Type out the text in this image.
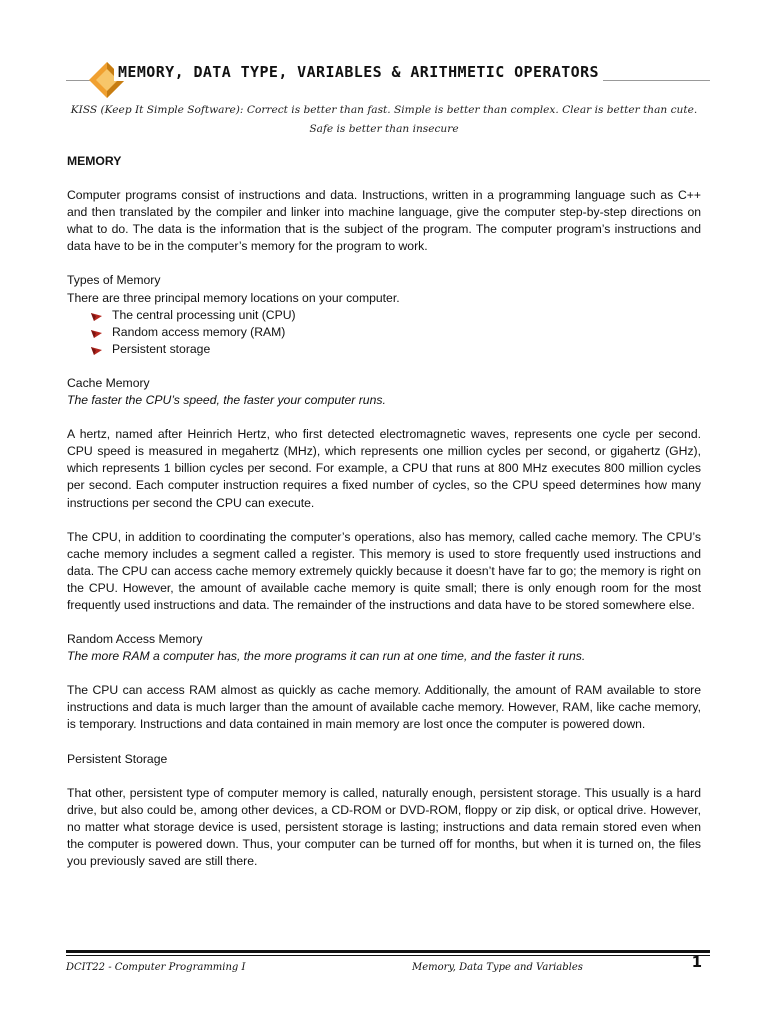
MEMORY, DATA TYPE, VARIABLES & ARITHMETIC OPERATORS
KISS (Keep It Simple Software): Correct is better than fast. Simple is better than complex. Clear is better than cute. Safe is better than insecure

MEMORY

Computer programs consist of instructions and data. Instructions, written in a programming language such as C++ and then translated by the compiler and linker into machine language, give the computer step-by-step directions on what to do. The data is the information that is the subject of the program. The computer program’s instructions and data have to be in the computer’s memory for the program to work.

Types of Memory

There are three principal memory locations on your computer.

The central processing unit (CPU)
Random access memory (RAM)
Persistent storage

Cache Memory

The faster the CPU’s speed, the faster your computer runs.

A hertz, named after Heinrich Hertz, who first detected electromagnetic waves, represents one cycle per second. CPU speed is measured in megahertz (MHz), which represents one million cycles per second, or gigahertz (GHz), which represents 1 billion cycles per second. For example, a CPU that runs at 800 MHz executes 800 million cycles per second. Each computer instruction requires a fixed number of cycles, so the CPU speed determines how many instructions per second the CPU can execute.

The CPU, in addition to coordinating the computer’s operations, also has memory, called cache memory. The CPU’s cache memory includes a segment called a register. This memory is used to store frequently used instructions and data. The CPU can access cache memory extremely quickly because it doesn’t have far to go; the memory is right on the CPU. However, the amount of available cache memory is quite small; there is only enough room for the most frequently used instructions and data. The remainder of the instructions and data have to be stored somewhere else.

Random Access Memory

The more RAM a computer has, the more programs it can run at one time, and the faster it runs.

The CPU can access RAM almost as quickly as cache memory. Additionally, the amount of RAM available to store instructions and data is much larger than the amount of available cache memory. However, RAM, like cache memory, is temporary. Instructions and data contained in main memory are lost once the computer is powered down.

Persistent Storage

That other, persistent type of computer memory is called, naturally enough, persistent storage. This usually is a hard drive, but also could be, among other devices, a CD-ROM or DVD-ROM, floppy or zip disk, or optical drive. However, no matter what storage device is used, persistent storage is lasting; instructions and data remain stored even when the computer is powered down. Thus, your computer can be turned off for months, but when it is turned on, the files you previously saved are still there.

DCIT22 - Computer Programming I	Memory, Data Type and Variables	1
